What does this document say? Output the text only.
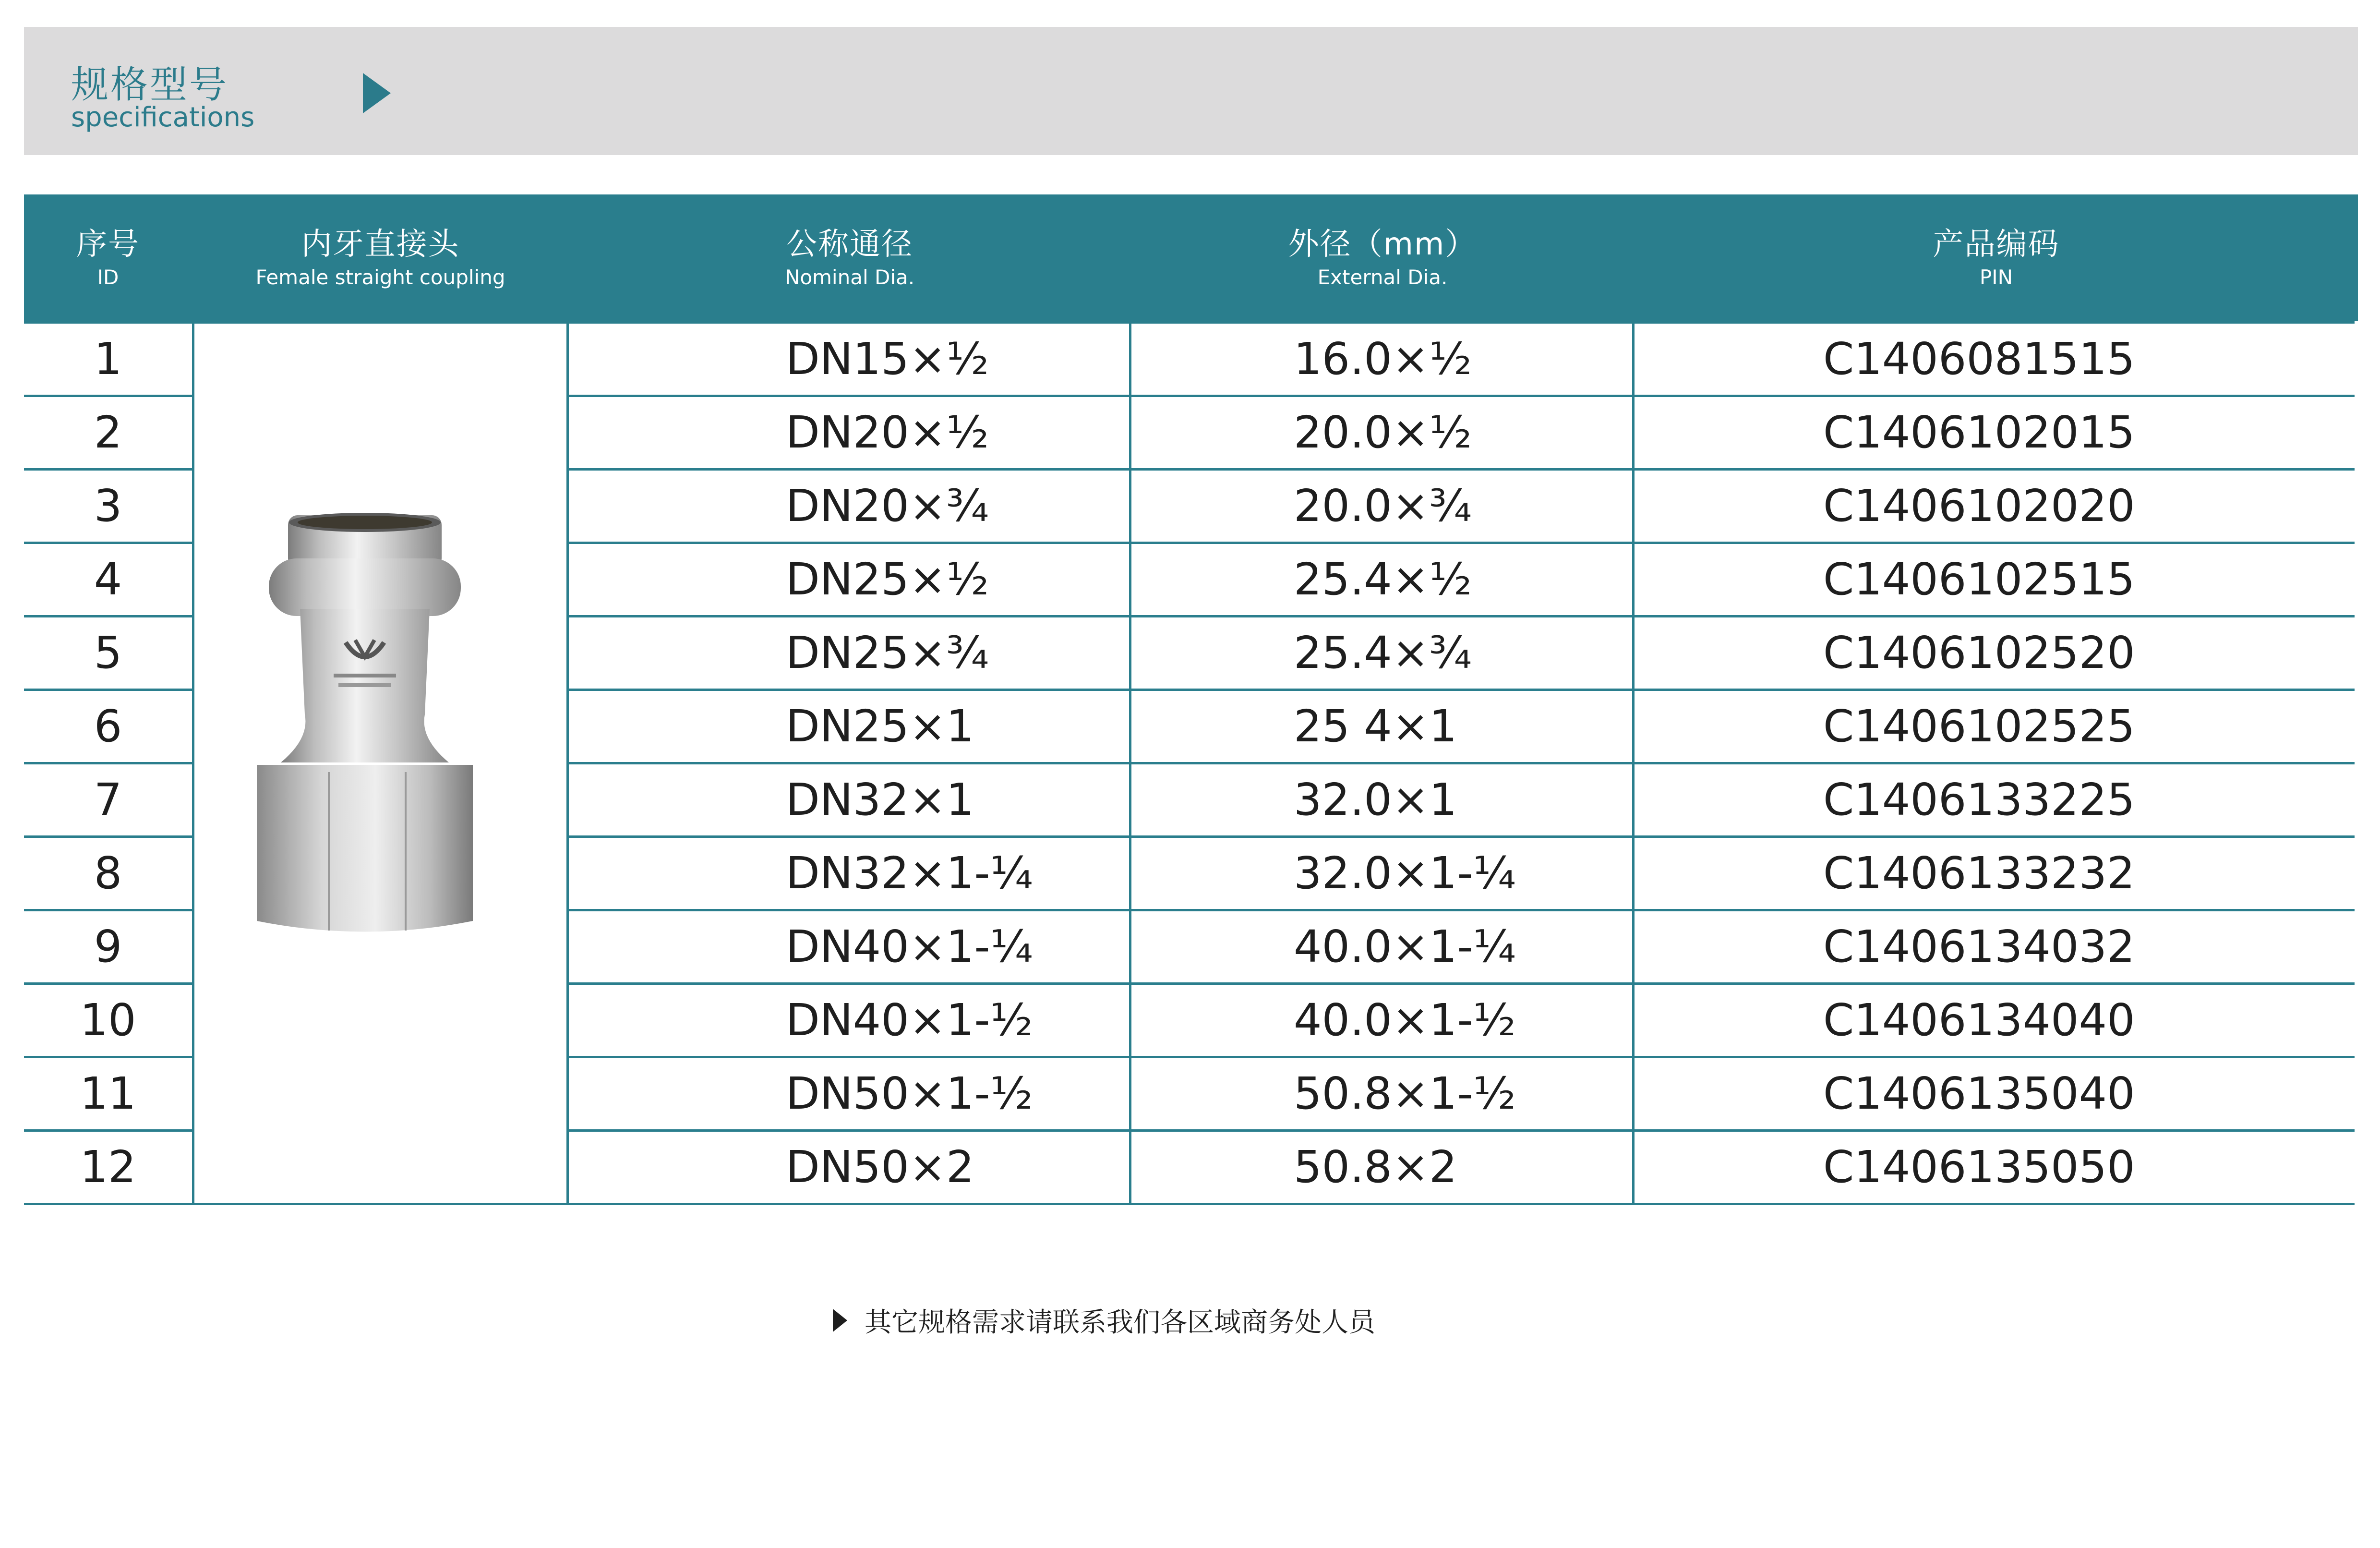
规格型号
specifications
序号
ID
内牙直接头
Female straight coupling
公称通径
Nominal Dia.
外径（mm）
External Dia.
产品编码
PIN
1	DN15×½	16.0×½	C1406081515
2	DN20×½	20.0×½	C1406102015
3	DN20×¾	20.0×¾	C1406102020
4	DN25×½	25.4×½	C1406102515
5	DN25×¾	25.4×¾	C1406102520
6	DN25×1	25 4×1	C1406102525
7	DN32×1	32.0×1	C1406133225
8	DN32×1-¼	32.0×1-¼	C1406133232
9	DN40×1-¼	40.0×1-¼	C1406134032
10	DN40×1-½	40.0×1-½	C1406134040
11	DN50×1-½	50.8×1-½	C1406135040
12	DN50×2	50.8×2	C1406135050
其它规格需求请联系我们各区域商务处人员
